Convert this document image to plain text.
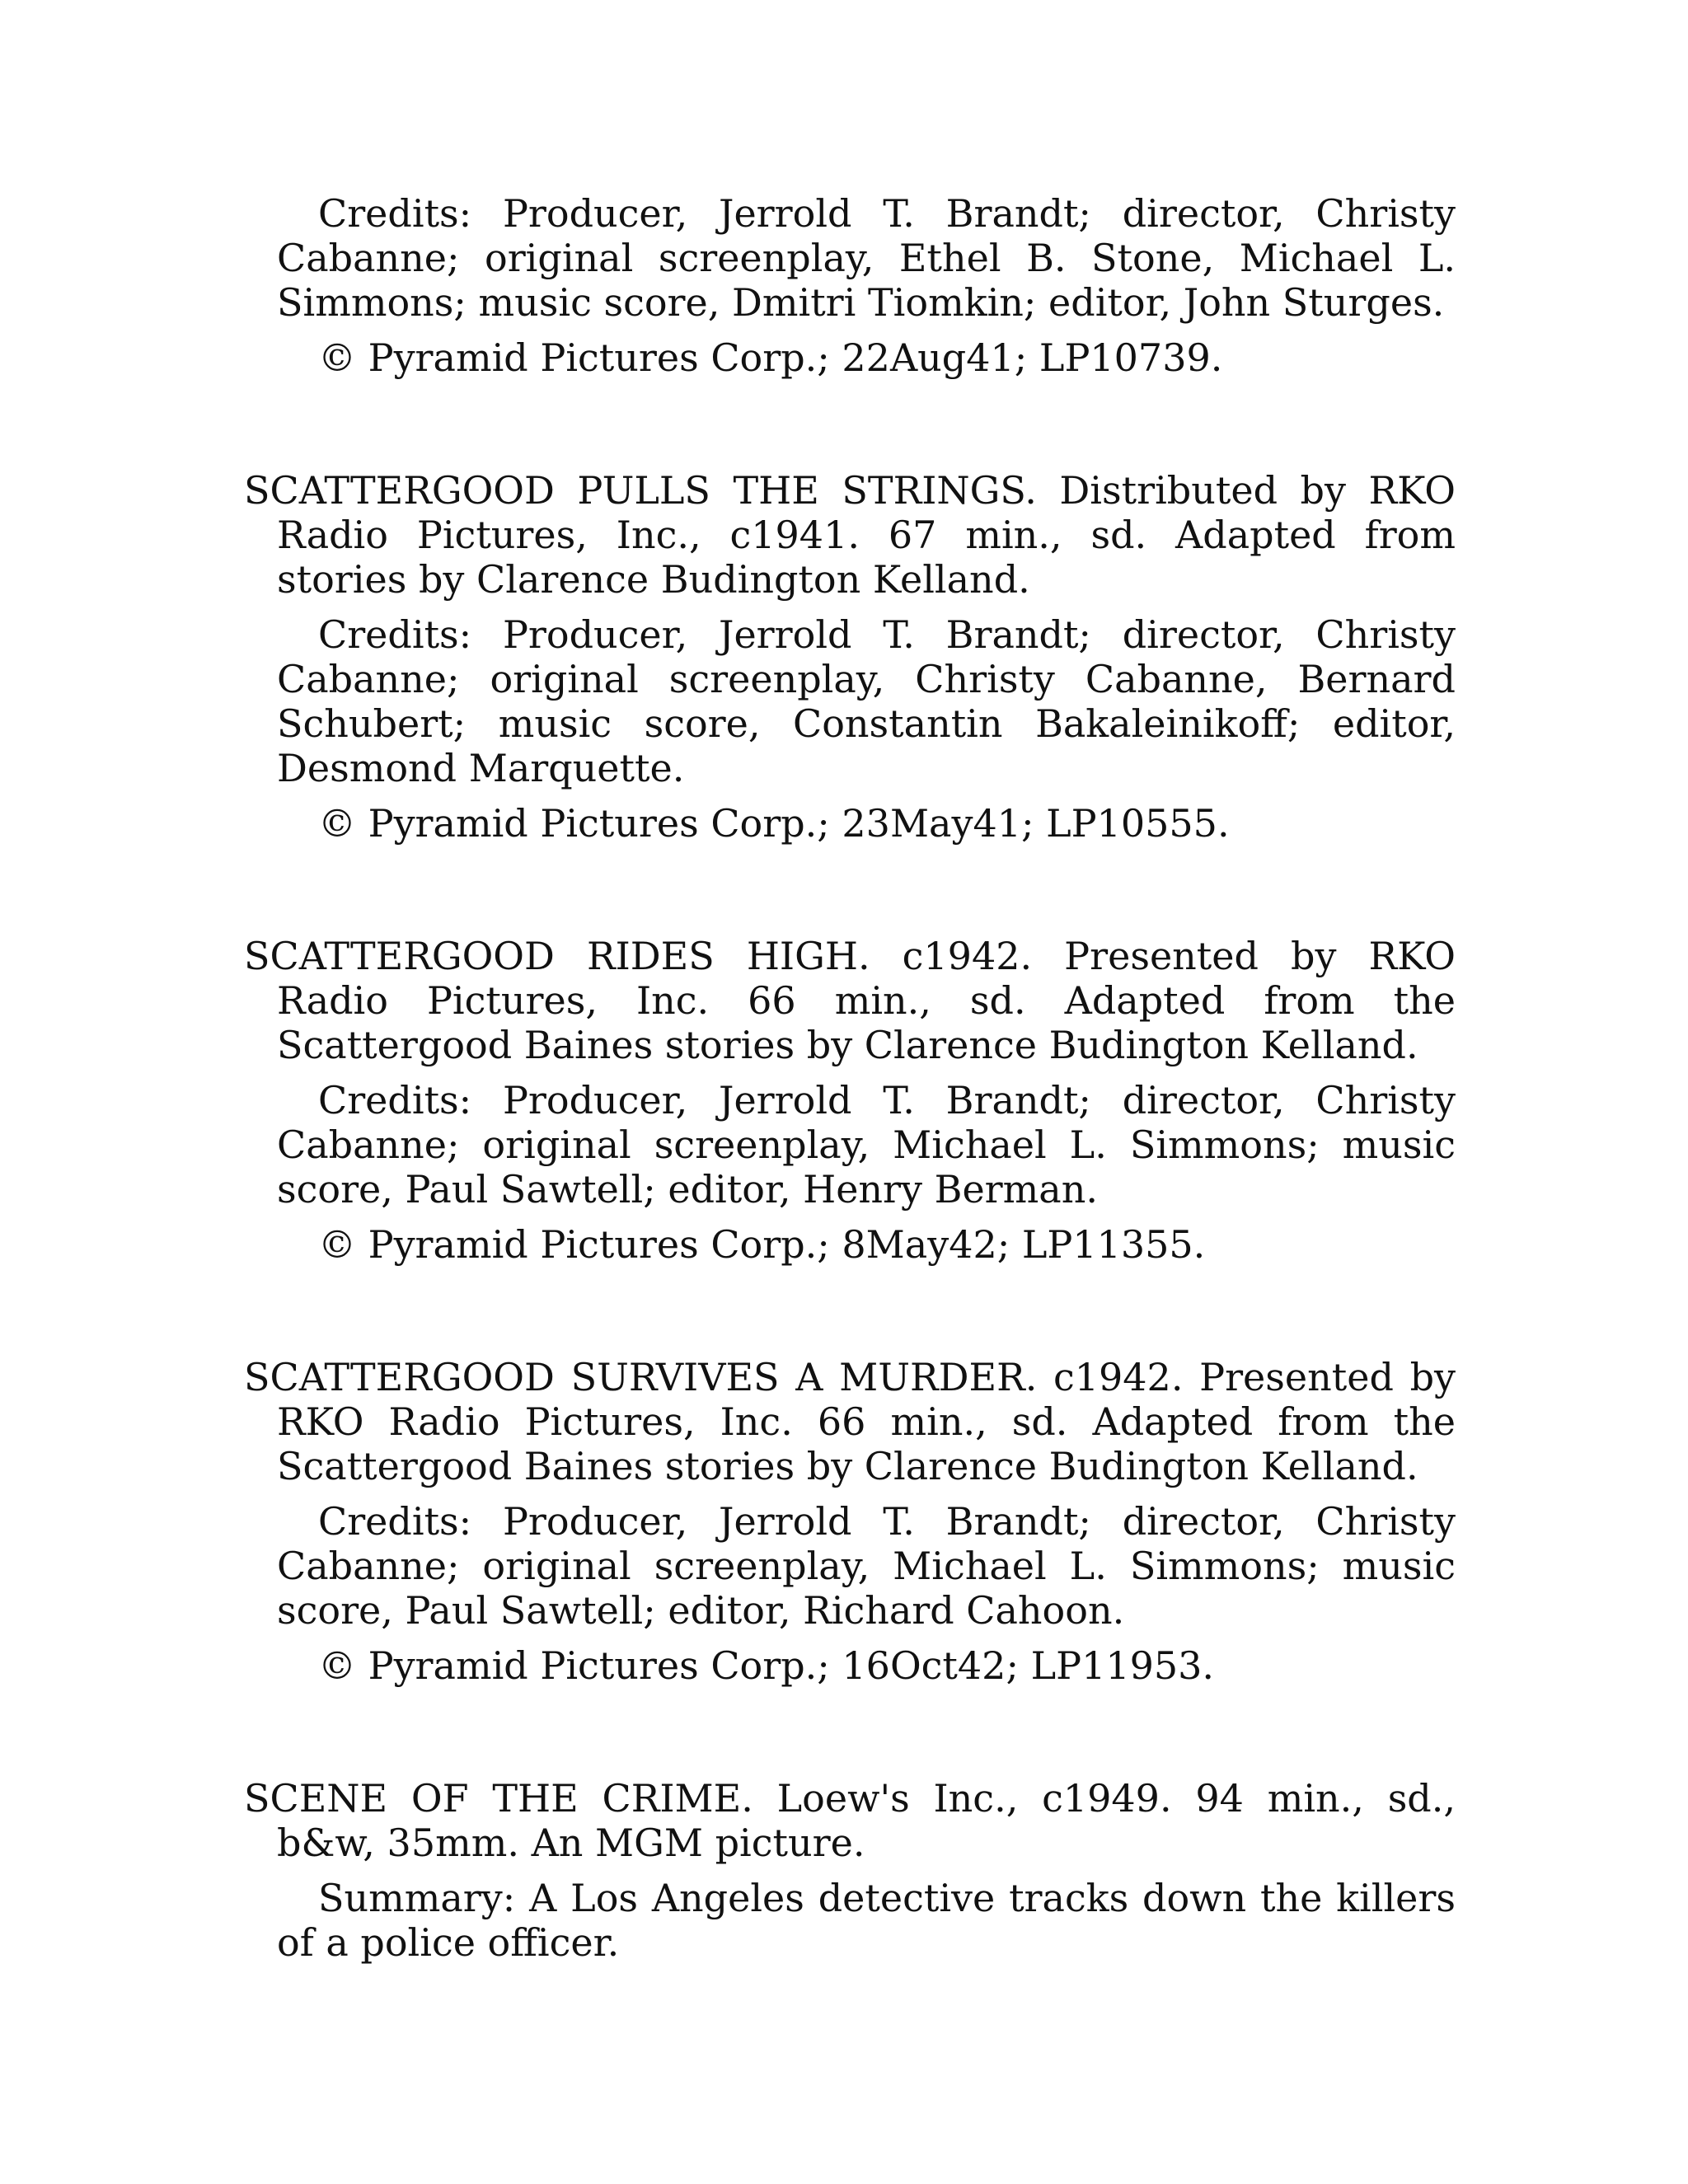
Credits: Producer, Jerrold T. Brandt; director, Christy Cabanne; original screenplay, Ethel B. Stone, Michael L. Simmons; music score, Dmitri Tiomkin; editor, John Sturges.

© Pyramid Pictures Corp.; 22Aug41; LP10739.

SCATTERGOOD PULLS THE STRINGS. Distributed by RKO Radio Pictures, Inc., c1941. 67 min., sd. Adapted from stories by Clarence Budington Kelland.

Credits: Producer, Jerrold T. Brandt; director, Christy Cabanne; original screenplay, Christy Cabanne, Bernard Schubert; music score, Constantin Bakaleinikoff; editor, Desmond Marquette.

© Pyramid Pictures Corp.; 23May41; LP10555.

SCATTERGOOD RIDES HIGH. c1942. Presented by RKO Radio Pictures, Inc. 66 min., sd. Adapted from the Scattergood Baines stories by Clarence Budington Kelland.

Credits: Producer, Jerrold T. Brandt; director, Christy Cabanne; original screenplay, Michael L. Simmons; music score, Paul Sawtell; editor, Henry Berman.

© Pyramid Pictures Corp.; 8May42; LP11355.

SCATTERGOOD SURVIVES A MURDER. c1942. Presented by RKO Radio Pictures, Inc. 66 min., sd. Adapted from the Scattergood Baines stories by Clarence Budington Kelland.

Credits: Producer, Jerrold T. Brandt; director, Christy Cabanne; original screenplay, Michael L. Simmons; music score, Paul Sawtell; editor, Richard Cahoon.

© Pyramid Pictures Corp.; 16Oct42; LP11953.

SCENE OF THE CRIME. Loew's Inc., c1949. 94 min., sd., b&w, 35mm. An MGM picture.

Summary: A Los Angeles detective tracks down the killers of a police officer.
